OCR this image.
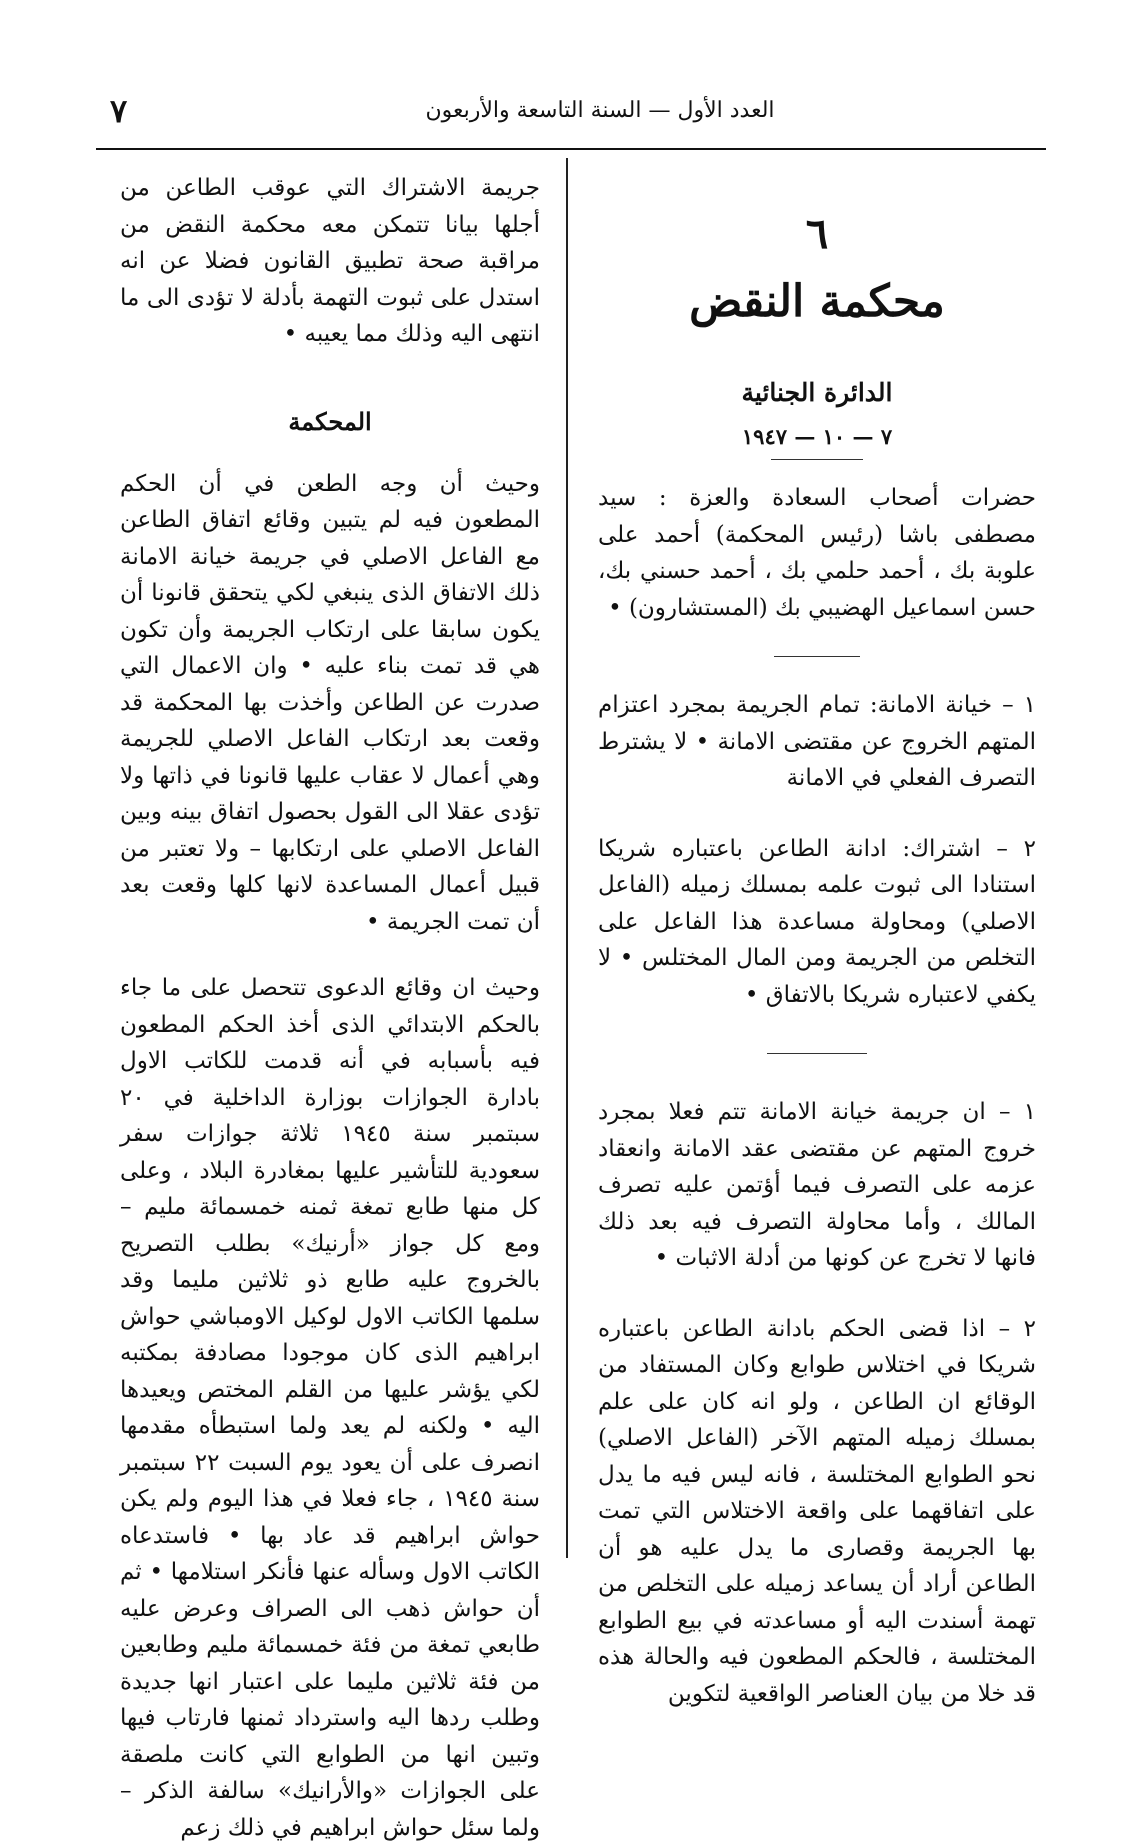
العدد الأول — السنة التاسعة والأربعون
٧
٦
محكمة النقض
الدائرة الجنائية
٧ — ١٠ — ١٩٤٧

حضرات أصحاب السعادة والعزة : سيد مصطفى باشا (رئيس المحكمة) أحمد على علوبة بك ، أحمد حلمي بك ، أحمد حسني بك، حسن اسماعيل الهضيبي بك (المستشارون) •

١ – خيانة الامانة: تمام الجريمة بمجرد اعتزام المتهم الخروج عن مقتضى الامانة • لا يشترط التصرف الفعلي في الامانة

٢ – اشتراك: ادانة الطاعن باعتباره شريكا استنادا الى ثبوت علمه بمسلك زميله (الفاعل الاصلي) ومحاولة مساعدة هذا الفاعل على التخلص من الجريمة ومن المال المختلس • لا يكفي لاعتباره شريكا بالاتفاق •

١ – ان جريمة خيانة الامانة تتم فعلا بمجرد خروج المتهم عن مقتضى عقد الامانة وانعقاد عزمه على التصرف فيما أؤتمن عليه تصرف المالك ، وأما محاولة التصرف فيه بعد ذلك فانها لا تخرج عن كونها من أدلة الاثبات •

٢ – اذا قضى الحكم بادانة الطاعن باعتباره شريكا في اختلاس طوابع وكان المستفاد من الوقائع ان الطاعن ، ولو انه كان على علم بمسلك زميله المتهم الآخر (الفاعل الاصلي) نحو الطوابع المختلسة ، فانه ليس فيه ما يدل على اتفاقهما على واقعة الاختلاس التي تمت بها الجريمة وقصارى ما يدل عليه هو أن الطاعن أراد أن يساعد زميله على التخلص من تهمة أسندت اليه أو مساعدته في بيع الطوابع المختلسة ، فالحكم المطعون فيه والحالة هذه قد خلا من بيان العناصر الواقعية لتكوين

جريمة الاشتراك التي عوقب الطاعن من أجلها بيانا تتمكن معه محكمة النقض من مراقبة صحة تطبيق القانون فضلا عن انه استدل على ثبوت التهمة بأدلة لا تؤدى الى ما انتهى اليه وذلك مما يعيبه •

المحكمة

وحيث أن وجه الطعن في أن الحكم المطعون فيه لم يتبين وقائع اتفاق الطاعن مع الفاعل الاصلي في جريمة خيانة الامانة ذلك الاتفاق الذى ينبغي لكي يتحقق قانونا أن يكون سابقا على ارتكاب الجريمة وأن تكون هي قد تمت بناء عليه • وان الاعمال التي صدرت عن الطاعن وأخذت بها المحكمة قد وقعت بعد ارتكاب الفاعل الاصلي للجريمة وهي أعمال لا عقاب عليها قانونا في ذاتها ولا تؤدى عقلا الى القول بحصول اتفاق بينه وبين الفاعل الاصلي على ارتكابها – ولا تعتبر من قبيل أعمال المساعدة لانها كلها وقعت بعد أن تمت الجريمة •

وحيث ان وقائع الدعوى تتحصل على ما جاء بالحكم الابتدائي الذى أخذ الحكم المطعون فيه بأسبابه في أنه قدمت للكاتب الاول بادارة الجوازات بوزارة الداخلية في ٢٠ سبتمبر سنة ١٩٤٥ ثلاثة جوازات سفر سعودية للتأشير عليها بمغادرة البلاد ، وعلى كل منها طابع تمغة ثمنه خمسمائة مليم – ومع كل جواز «أرنيك» بطلب التصريح بالخروج عليه طابع ذو ثلاثين مليما وقد سلمها الكاتب الاول لوكيل الاومباشي حواش ابراهيم الذى كان موجودا مصادفة بمكتبه لكي يؤشر عليها من القلم المختص ويعيدها اليه • ولكنه لم يعد ولما استبطأه مقدمها انصرف على أن يعود يوم السبت ٢٢ سبتمبر سنة ١٩٤٥ ، جاء فعلا في هذا اليوم ولم يكن حواش ابراهيم قد عاد بها • فاستدعاه الكاتب الاول وسأله عنها فأنكر استلامها • ثم أن حواش ذهب الى الصراف وعرض عليه طابعي تمغة من فئة خمسمائة مليم وطابعين من فئة ثلاثين مليما على اعتبار انها جديدة وطلب ردها اليه واسترداد ثمنها فارتاب فيها وتبين انها من الطوابع التي كانت ملصقة على الجوازات «والأرانيك» سالفة الذكر – ولما سئل حواش ابراهيم في ذلك زعم
